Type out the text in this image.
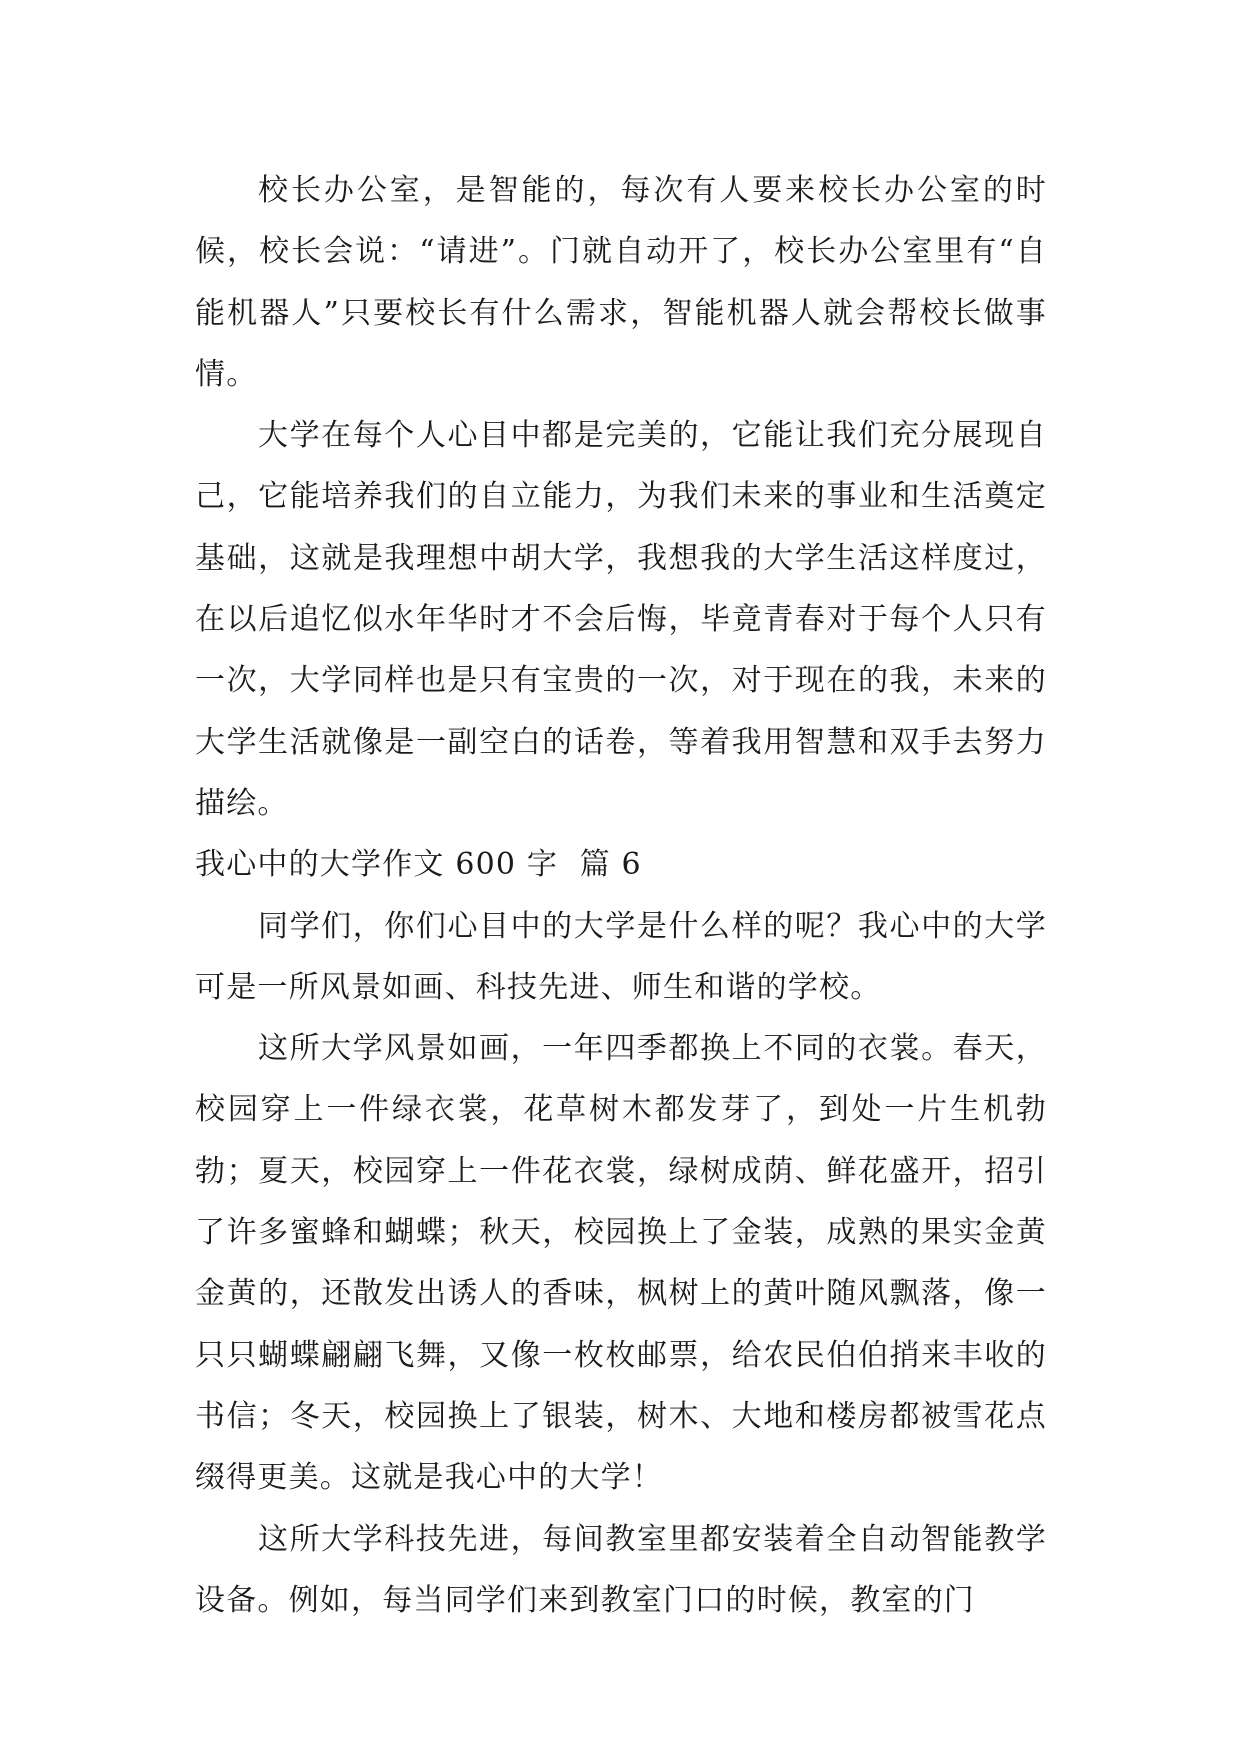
校长办公室，是智能的，每次有人要来校长办公室的时候，校长会说：“请进”。门就自动开了，校长办公室里有“自能机器人”只要校长有什么需求，智能机器人就会帮校长做事情。

大学在每个人心目中都是完美的，它能让我们充分展现自己，它能培养我们的自立能力，为我们未来的事业和生活奠定基础，这就是我理想中胡大学，我想我的大学生活这样度过，在以后追忆似水年华时才不会后悔，毕竟青春对于每个人只有一次，大学同样也是只有宝贵的一次，对于现在的我，未来的大学生活就像是一副空白的话卷，等着我用智慧和双手去努力描绘。

我心中的大学作文 600 字  篇 6

同学们，你们心目中的大学是什么样的呢？我心中的大学可是一所风景如画、科技先进、师生和谐的学校。

这所大学风景如画，一年四季都换上不同的衣裳。春天，校园穿上一件绿衣裳，花草树木都发芽了，到处一片生机勃勃；夏天，校园穿上一件花衣裳，绿树成荫、鲜花盛开，招引了许多蜜蜂和蝴蝶；秋天，校园换上了金装，成熟的果实金黄金黄的，还散发出诱人的香味，枫树上的黄叶随风飘落，像一只只蝴蝶翩翩飞舞，又像一枚枚邮票，给农民伯伯捎来丰收的书信；冬天，校园换上了银装，树木、大地和楼房都被雪花点缀得更美。这就是我心中的大学！

这所大学科技先进，每间教室里都安装着全自动智能教学设备。例如，每当同学们来到教室门口的时候，教室的门
